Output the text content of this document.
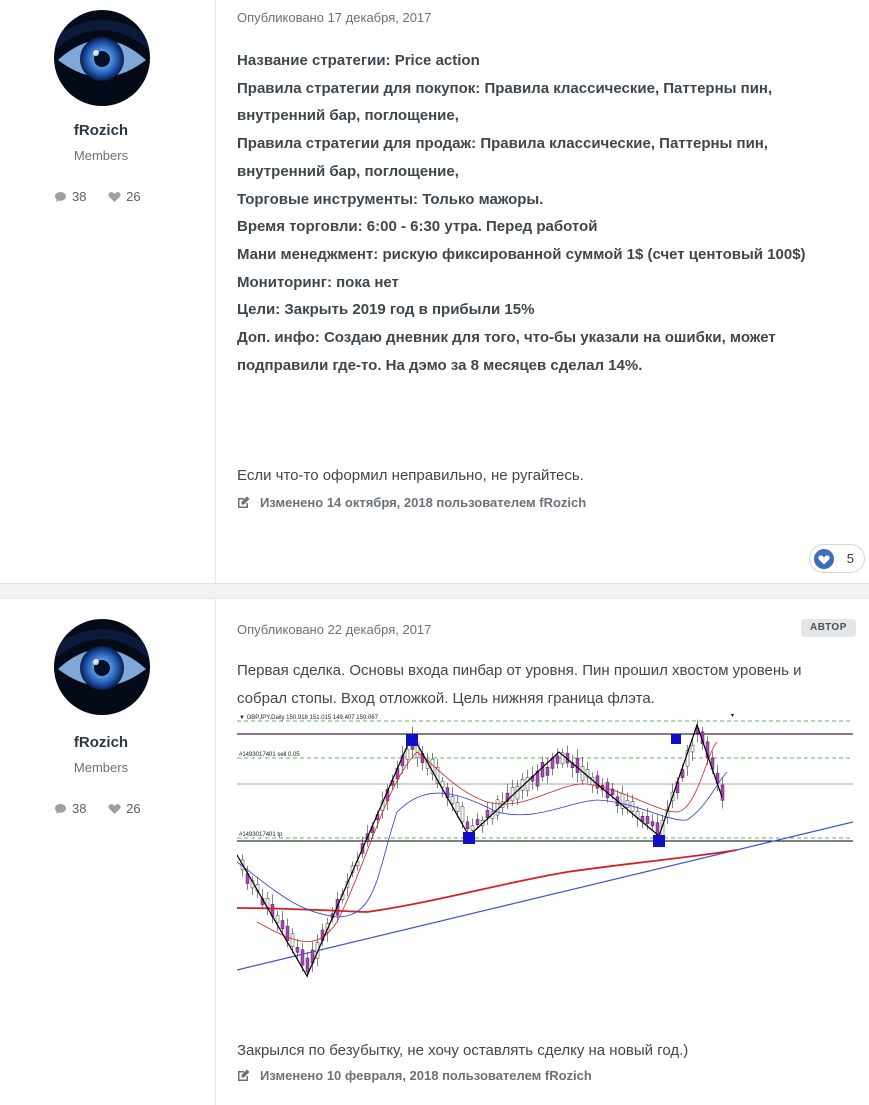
fRozich
Members
38
	26
Опубликовано 17 декабря, 2017
Название стратегии: Price action
Правила стратегии для покупок: Правила классические, Паттерны пин,
внутренний бар, поглощение,
Правила стратегии для продаж: Правила классические, Паттерны пин,
внутренний бар, поглощение,
Торговые инструменты: Только мажоры.
Время торговли: 6:00 - 6:30 утра. Перед работой
Мани менеджмент: рискую фиксированной суммой 1$ (счет центовый 100$)
Мониторинг: пока нет
Цели: Закрыть 2019 год в прибыли 15%
Доп. инфо: Создаю дневник для того, что-бы указали на ошибки, может
подправили где-то. На дэмо за 8 месяцев сделал 14%.
Если что-то оформил неправильно, не ругайтесь.
Изменено 14 октября, 2018 пользователем fRozich
5
fRozich
Members
38
	26
Опубликовано 22 декабря, 2017
Первая сделка. Основы входа пинбар от уровня. Пин прошил хвостом уровень и
собрал стопы. Вход отложкой. Цель нижняя граница флэта.
АВТОР
▼ GBPJPY,Daily 150.918 151.015 149.407 150.067
#1493017401 sell 0.05
#1493017401 tp
▾
Закрылся по безубытку, не хочу оставлять сделку на новый год.)
Изменено 10 февраля, 2018 пользователем fRozich
